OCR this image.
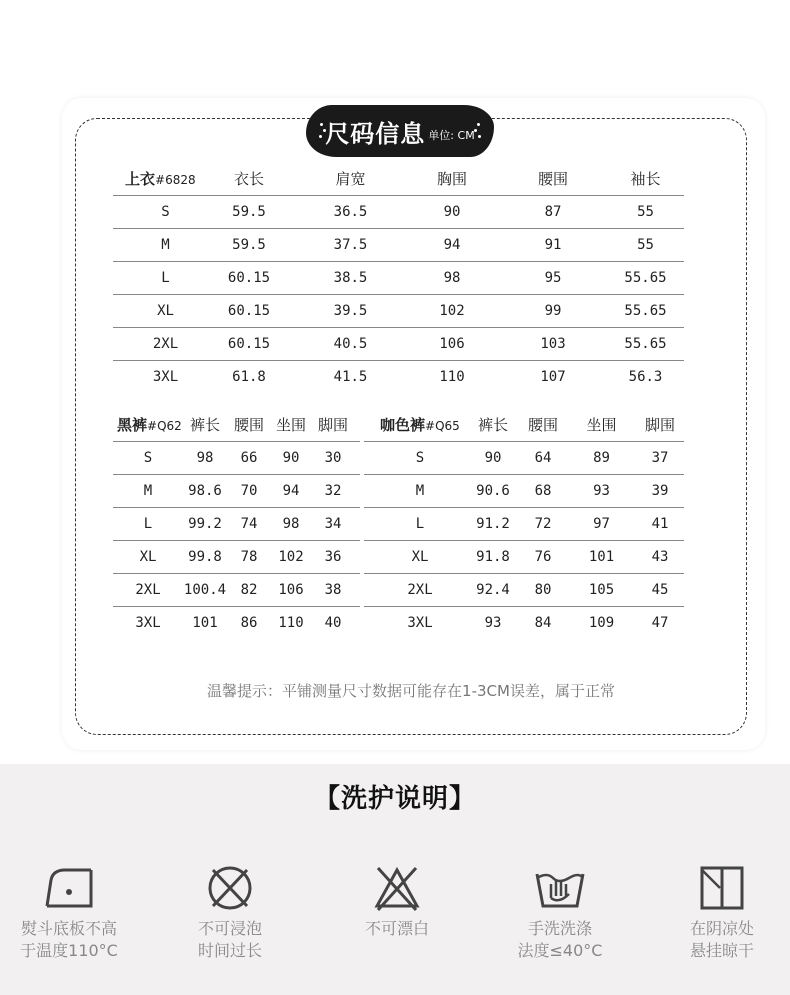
尺码信息 单位: CM
上衣#6828	衣长	肩宽	胸围	腰围	袖长
S	59.5	36.5	90	87	55
M	59.5	37.5	94	91	55
L	60.15	38.5	98	95	55.65
XL	60.15	39.5	102	99	55.65
2XL	60.15	40.5	106	103	55.65
3XL	61.8	41.5	110	107	56.3
黑裤#Q62 裤长 腰围 坐围 脚围
S	98	66	90	30
M	98.6	70	94	32
L	99.2	74	98	34
XL	99.8	78	102	36
2XL	100.4	82	106	38
3XL	101	86	110	40
咖色裤#Q65	裤长	腰围	坐围	脚围
S	90	64	89	37
M	90.6	68	93	39
L	91.2	72	97	41
XL	91.8	76	101	43
2XL	92.4	80	105	45
3XL	93	84	109	47
温馨提示：平铺测量尺寸数据可能存在1-3CM误差，属于正常
【洗护说明】
熨斗底板不高
于温度110°C
不可浸泡
时间过长
不可漂白	手洗洗涤
法度≤40°C
在阴凉处
悬挂晾干
